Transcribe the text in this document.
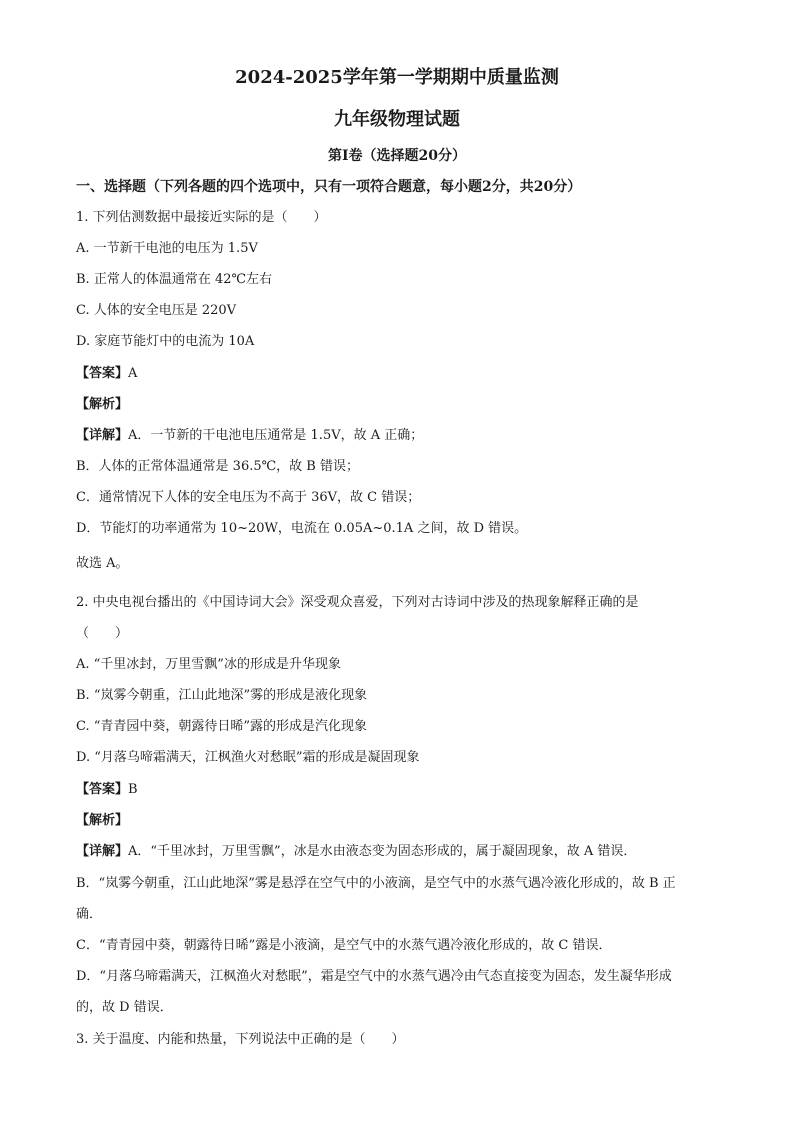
2024-2025学年第一学期期中质量监测
九年级物理试题
第Ⅰ卷（选择题20分）
一、选择题（下列各题的四个选项中，只有一项符合题意，每小题2分，共20分）
1. 下列估测数据中最接近实际的是（　　）
A. 一节新干电池的电压为 1.5V
B. 正常人的体温通常在 42℃左右
C. 人体的安全电压是 220V
D. 家庭节能灯中的电流为 10A
【答案】A
【解析】
【详解】A．一节新的干电池电压通常是 1.5V，故 A 正确；
B．人体的正常体温通常是 36.5℃，故 B 错误；
C．通常情况下人体的安全电压为不高于 36V，故 C 错误；
D．节能灯的功率通常为 10~20W，电流在 0.05A~0.1A 之间，故 D 错误。
故选 A。
2. 中央电视台播出的《中国诗词大会》深受观众喜爱，下列对古诗词中涉及的热现象解释正确的是
（　　）
A. “千里冰封，万里雪飘”冰的形成是升华现象
B. “岚雾今朝重，江山此地深”雾的形成是液化现象
C. “青青园中葵，朝露待日晞”露的形成是汽化现象
D. “月落乌啼霜满天，江枫渔火对愁眠”霜的形成是凝固现象
【答案】B
【解析】
【详解】A．“千里冰封，万里雪飘”，冰是水由液态变为固态形成的，属于凝固现象，故 A 错误．
B．“岚雾今朝重，江山此地深”雾是悬浮在空气中的小液滴，是空气中的水蒸气遇冷液化形成的，故 B 正
确．
C．“青青园中葵，朝露待日晞”露是小液滴，是空气中的水蒸气遇冷液化形成的，故 C 错误．
D．“月落乌啼霜满天，江枫渔火对愁眠”，霜是空气中的水蒸气遇冷由气态直接变为固态，发生凝华形成
的，故 D 错误．
3. 关于温度、内能和热量，下列说法中正确的是（　　）
